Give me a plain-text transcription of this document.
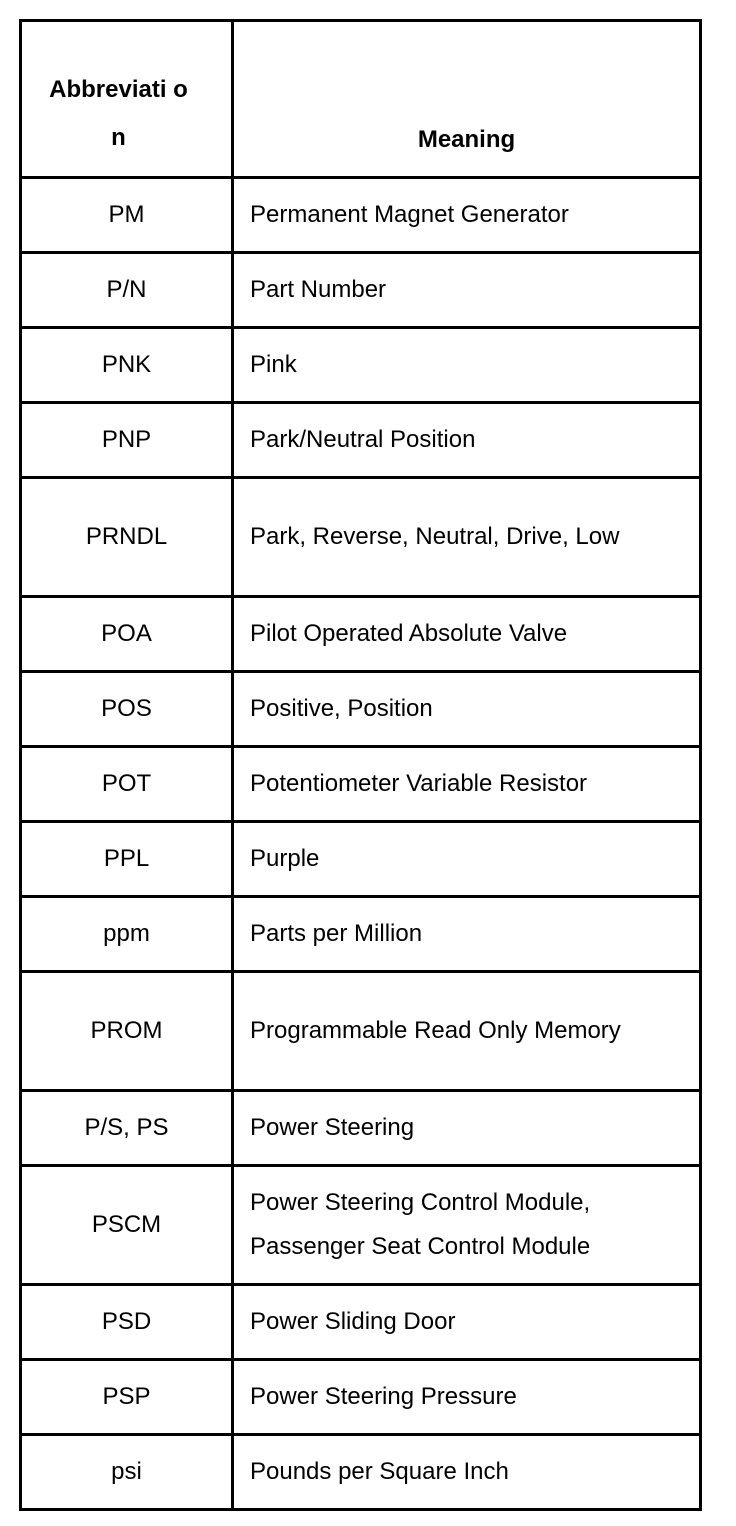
Abbreviati on	Meaning
PM	Permanent Magnet Generator
P/N	Part Number
PNK	Pink
PNP	Park/Neutral Position
PRNDL	Park, Reverse, Neutral, Drive, Low
POA	Pilot Operated Absolute Valve
POS	Positive, Position
POT	Potentiometer Variable Resistor
PPL	Purple
ppm	Parts per Million
PROM	Programmable Read Only Memory
P/S, PS	Power Steering
PSCM	Power Steering Control Module, Passenger Seat Control Module
PSD	Power Sliding Door
PSP	Power Steering Pressure
psi	Pounds per Square Inch
